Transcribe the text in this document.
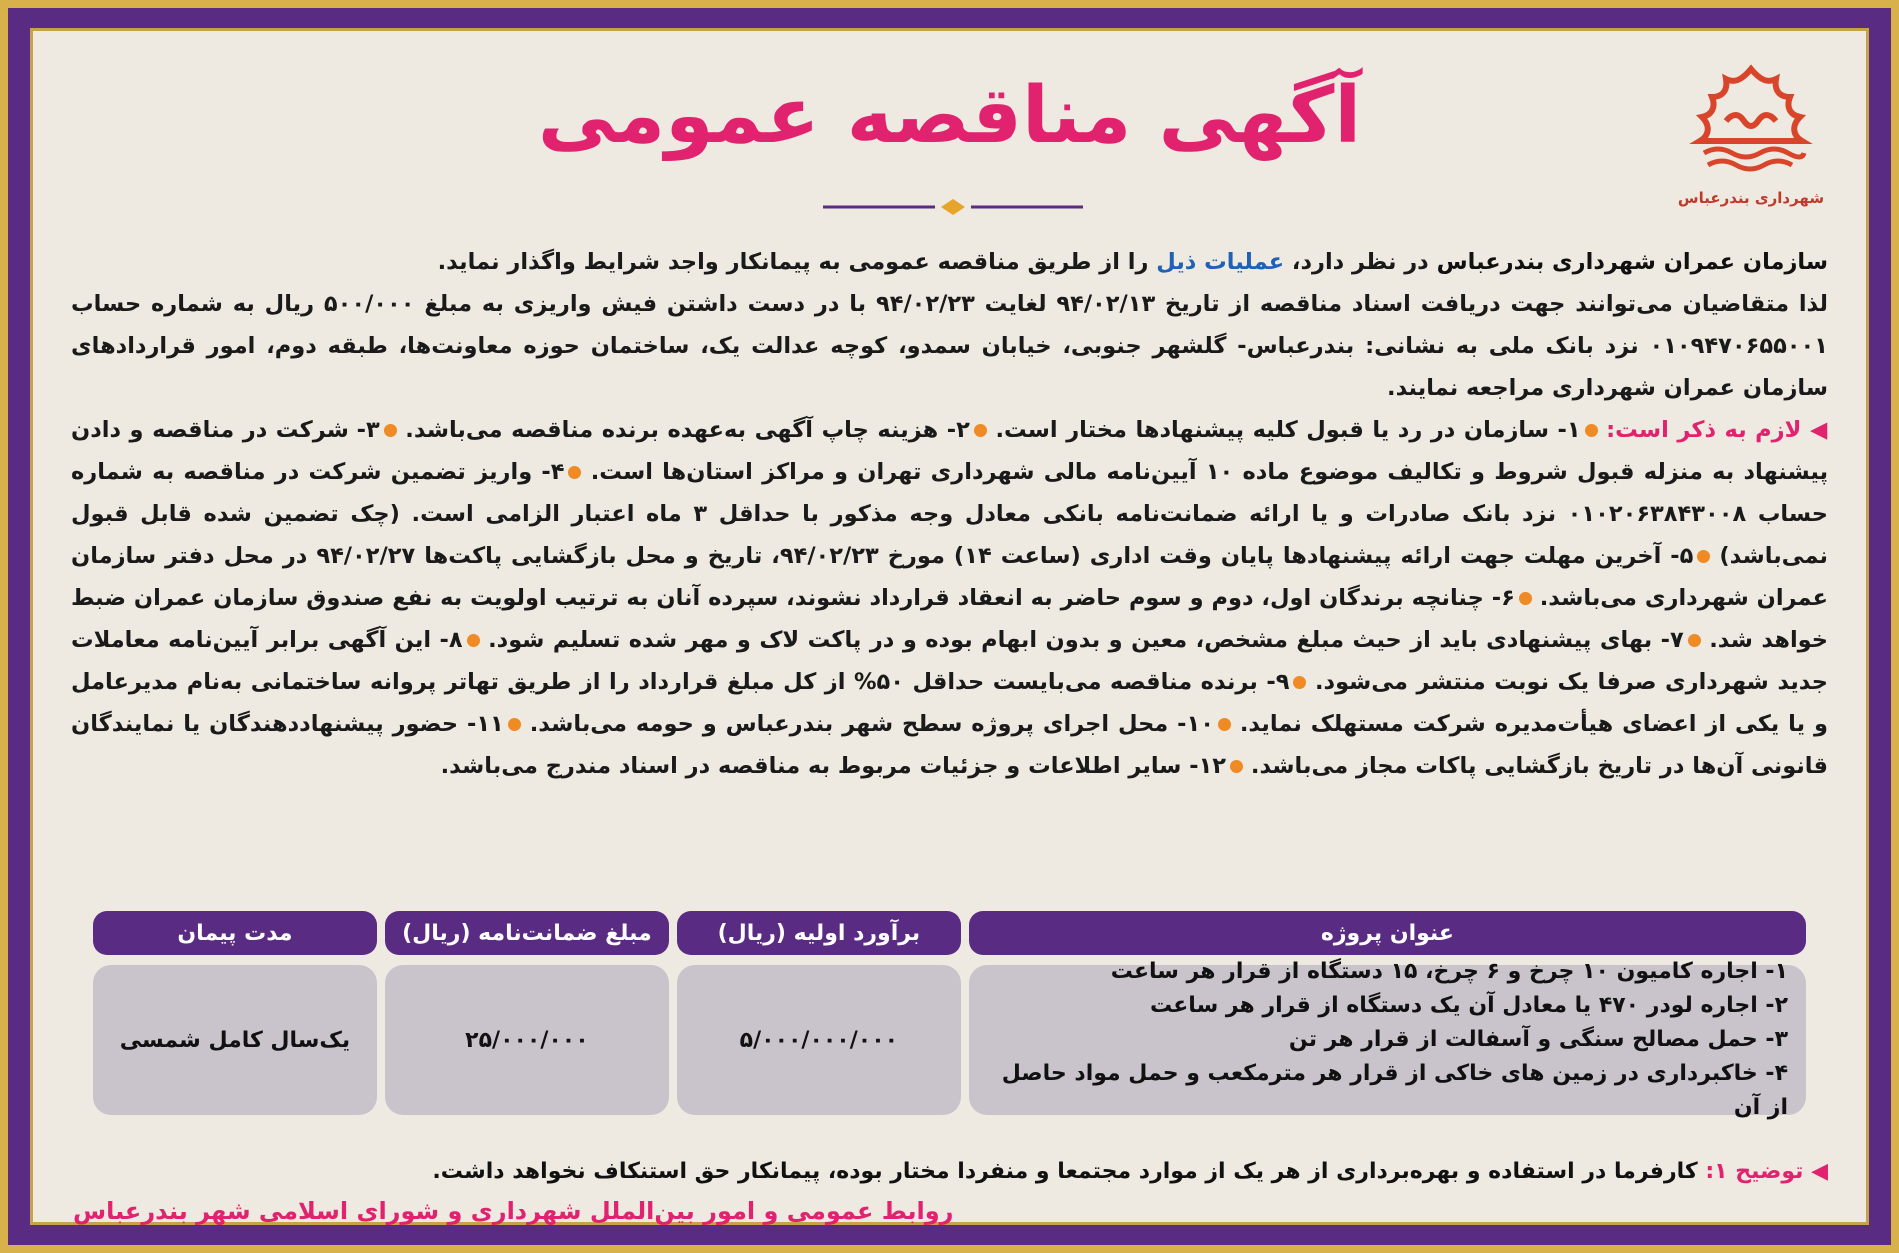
شهرداری بندرعباس
آگهی مناقصه عمومی

سازمان عمران شهرداری بندرعباس در نظر دارد، عملیات ذیل را از طریق مناقصه عمومی به پیمانکار واجد شرایط واگذار نماید.

لذا متقاضیان می‌توانند جهت دریافت اسناد مناقصه از تاریخ ۹۴/۰۲/۱۳ لغایت ۹۴/۰۲/۲۳ با در دست داشتن فیش واریزی به مبلغ ۵۰۰/۰۰۰ ریال به شماره حساب ۰۱۰۹۴۷۰۶۵۵۰۰۱ نزد بانک ملی به نشانی: بندرعباس- گلشهر جنوبی، خیابان سمدو، کوچه عدالت یک، ساختمان حوزه معاونت‌ها، طبقه دوم، امور قراردادهای سازمان عمران شهرداری مراجعه نمایند.

◀ لازم به ذکر است: ۱- سازمان در رد یا قبول کلیه پیشنهادها مختار است. ۲- هزینه چاپ آگهی به‌عهده برنده مناقصه می‌باشد. ۳- شرکت در مناقصه و دادن پیشنهاد به منزله قبول شروط و تکالیف موضوع ماده ۱۰ آیین‌نامه مالی شهرداری تهران و مراکز استان‌ها است. ۴- واریز تضمین شرکت در مناقصه به شماره حساب ۰۱۰۲۰۶۳۸۴۳۰۰۸ نزد بانک صادرات و یا ارائه ضمانت‌نامه بانکی معادل وجه مذکور با حداقل ۳ ماه اعتبار الزامی است. (چک تضمین شده قابل قبول نمی‌باشد) ۵- آخرین مهلت جهت ارائه پیشنهادها پایان وقت اداری (ساعت ۱۴) مورخ ۹۴/۰۲/۲۳، تاریخ و محل بازگشایی پاکت‌ها ۹۴/۰۲/۲۷ در محل دفتر سازمان عمران شهرداری می‌باشد. ۶- چنانچه برندگان اول، دوم و سوم حاضر به انعقاد قرارداد نشوند، سپرده آنان به ترتیب اولویت به نفع صندوق سازمان عمران ضبط خواهد شد. ۷- بهای پیشنهادی باید از حیث مبلغ مشخص، معین و بدون ابهام بوده و در پاکت لاک و مهر شده تسلیم شود. ۸- این آگهی برابر آیین‌نامه معاملات جدید شهرداری صرفا یک نوبت منتشر می‌شود. ۹- برنده مناقصه می‌بایست حداقل ۵۰% از کل مبلغ قرارداد را از طریق تهاتر پروانه ساختمانی به‌نام مدیرعامل و یا یکی از اعضای هیأت‌مدیره شرکت مستهلک نماید. ۱۰- محل اجرای پروژه سطح شهر بندرعباس و حومه می‌باشد. ۱۱- حضور پیشنهاددهندگان یا نمایندگان قانونی آن‌ها در تاریخ بازگشایی پاکات مجاز می‌باشد. ۱۲- سایر اطلاعات و جزئیات مربوط به مناقصه در اسناد مندرج می‌باشد.

عنوان پروژه
برآورد اولیه (ریال)
مبلغ ضمانت‌نامه (ریال)
مدت پیمان
۱- اجاره کامیون ۱۰ چرخ و ۶ چرخ، ۱۵ دستگاه از قرار هر ساعت
۲- اجاره لودر ۴۷۰ یا معادل آن یک دستگاه از قرار هر ساعت
۳- حمل مصالح سنگی و آسفالت از قرار هر تن
۴- خاکبرداری در زمین های خاکی از قرار هر مترمکعب و حمل مواد حاصل از آن
۵/۰۰۰/۰۰۰/۰۰۰
۲۵/۰۰۰/۰۰۰
یک‌سال کامل شمسی
◀ توضیح ۱: کارفرما در استفاده و بهره‌برداری از هر یک از موارد مجتمعا و منفردا مختار بوده، پیمانکار حق استنکاف نخواهد داشت.
روابط عمومی و امور بین‌الملل شهرداری و شورای اسلامی شهر بندرعباس
